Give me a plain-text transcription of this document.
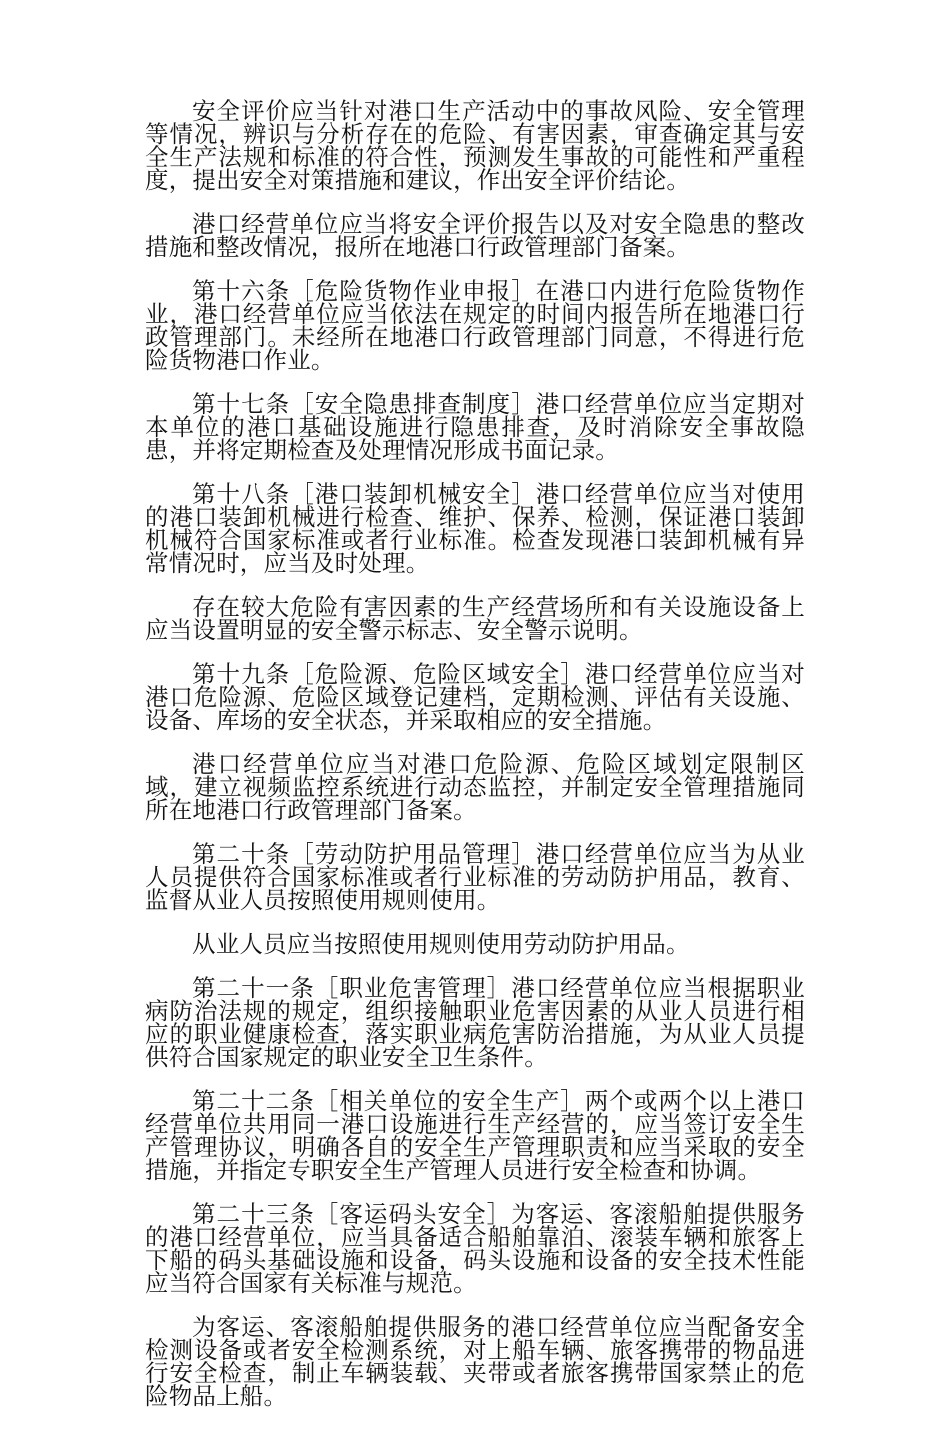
安全评价应当针对港口生产活动中的事故风险、安全管理等情况，辨识与分析存在的危险、有害因素，审查确定其与安全生产法规和标准的符合性，预测发生事故的可能性和严重程度，提出安全对策措施和建议，作出安全评价结论。

港口经营单位应当将安全评价报告以及对安全隐患的整改措施和整改情况，报所在地港口行政管理部门备案。

第十六条［危险货物作业申报］在港口内进行危险货物作业，港口经营单位应当依法在规定的时间内报告所在地港口行政管理部门。未经所在地港口行政管理部门同意，不得进行危险货物港口作业。

第十七条［安全隐患排查制度］港口经营单位应当定期对本单位的港口基础设施进行隐患排查，及时消除安全事故隐患，并将定期检查及处理情况形成书面记录。

第十八条［港口装卸机械安全］港口经营单位应当对使用的港口装卸机械进行检查、维护、保养、检测，保证港口装卸机械符合国家标准或者行业标准。检查发现港口装卸机械有异常情况时，应当及时处理。

存在较大危险有害因素的生产经营场所和有关设施设备上应当设置明显的安全警示标志、安全警示说明。

第十九条［危险源、危险区域安全］港口经营单位应当对港口危险源、危险区域登记建档，定期检测、评估有关设施、设备、库场的安全状态，并采取相应的安全措施。

港口经营单位应当对港口危险源、危险区域划定限制区域，建立视频监控系统进行动态监控，并制定安全管理措施同所在地港口行政管理部门备案。

第二十条［劳动防护用品管理］港口经营单位应当为从业人员提供符合国家标准或者行业标准的劳动防护用品，教育、监督从业人员按照使用规则使用。

从业人员应当按照使用规则使用劳动防护用品。

第二十一条［职业危害管理］港口经营单位应当根据职业病防治法规的规定，组织接触职业危害因素的从业人员进行相应的职业健康检查，落实职业病危害防治措施，为从业人员提供符合国家规定的职业安全卫生条件。

第二十二条［相关单位的安全生产］两个或两个以上港口经营单位共用同一港口设施进行生产经营的，应当签订安全生产管理协议，明确各自的安全生产管理职责和应当采取的安全措施，并指定专职安全生产管理人员进行安全检查和协调。

第二十三条［客运码头安全］为客运、客滚船舶提供服务的港口经营单位，应当具备适合船舶靠泊、滚装车辆和旅客上下船的码头基础设施和设备，码头设施和设备的安全技术性能应当符合国家有关标准与规范。

为客运、客滚船舶提供服务的港口经营单位应当配备安全检测设备或者安全检测系统，对上船车辆、旅客携带的物品进行安全检查，制止车辆装载、夹带或者旅客携带国家禁止的危险物品上船。
